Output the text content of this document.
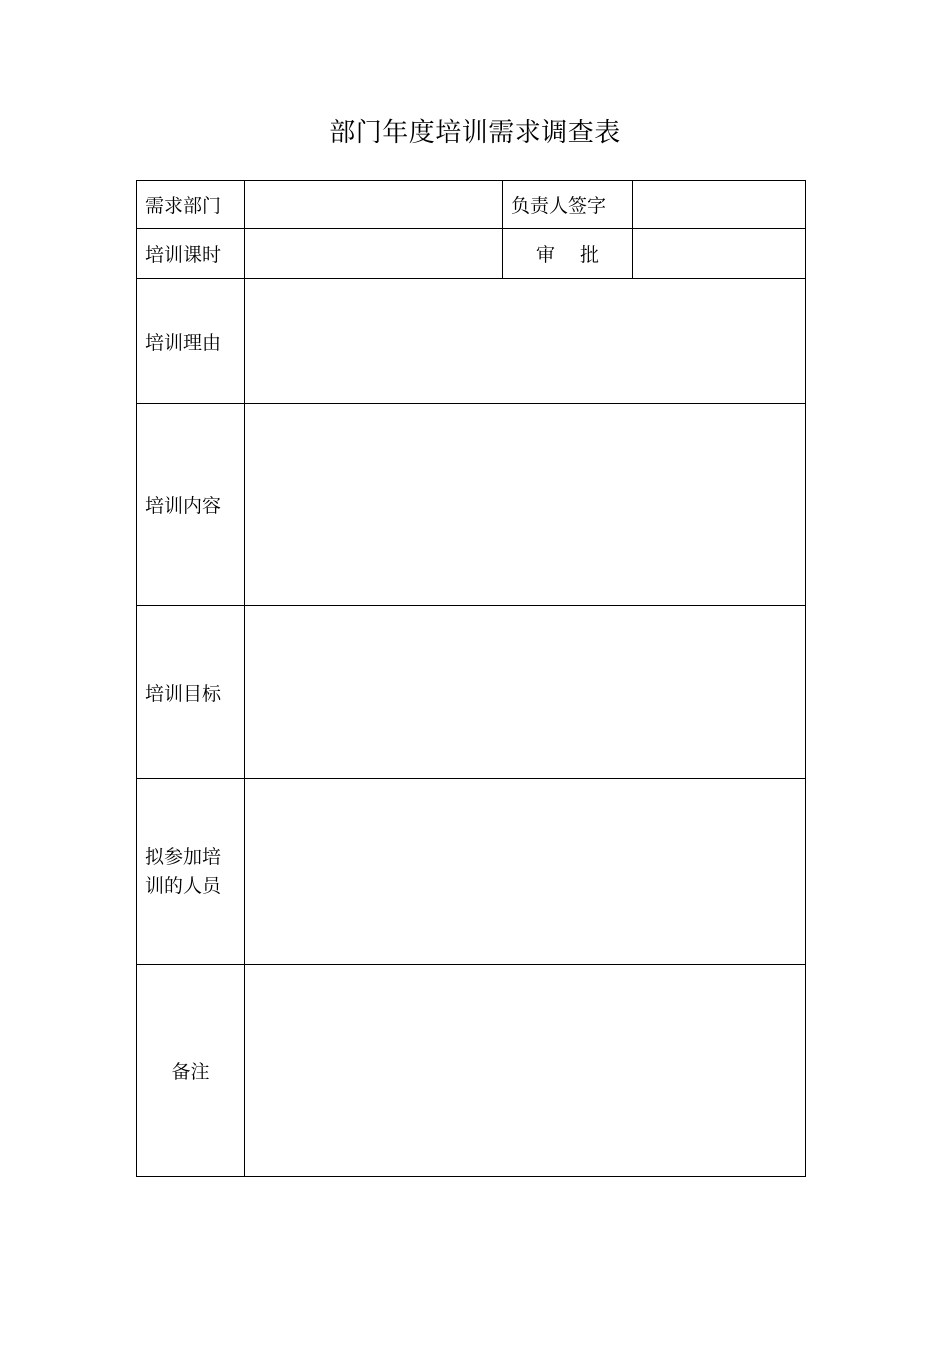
部门年度培训需求调查表
需求部门		负责人签字	
培训课时		审　 批	
培训理由			
培训内容			
培训目标			

拟参加培
训的人员			

备注			
